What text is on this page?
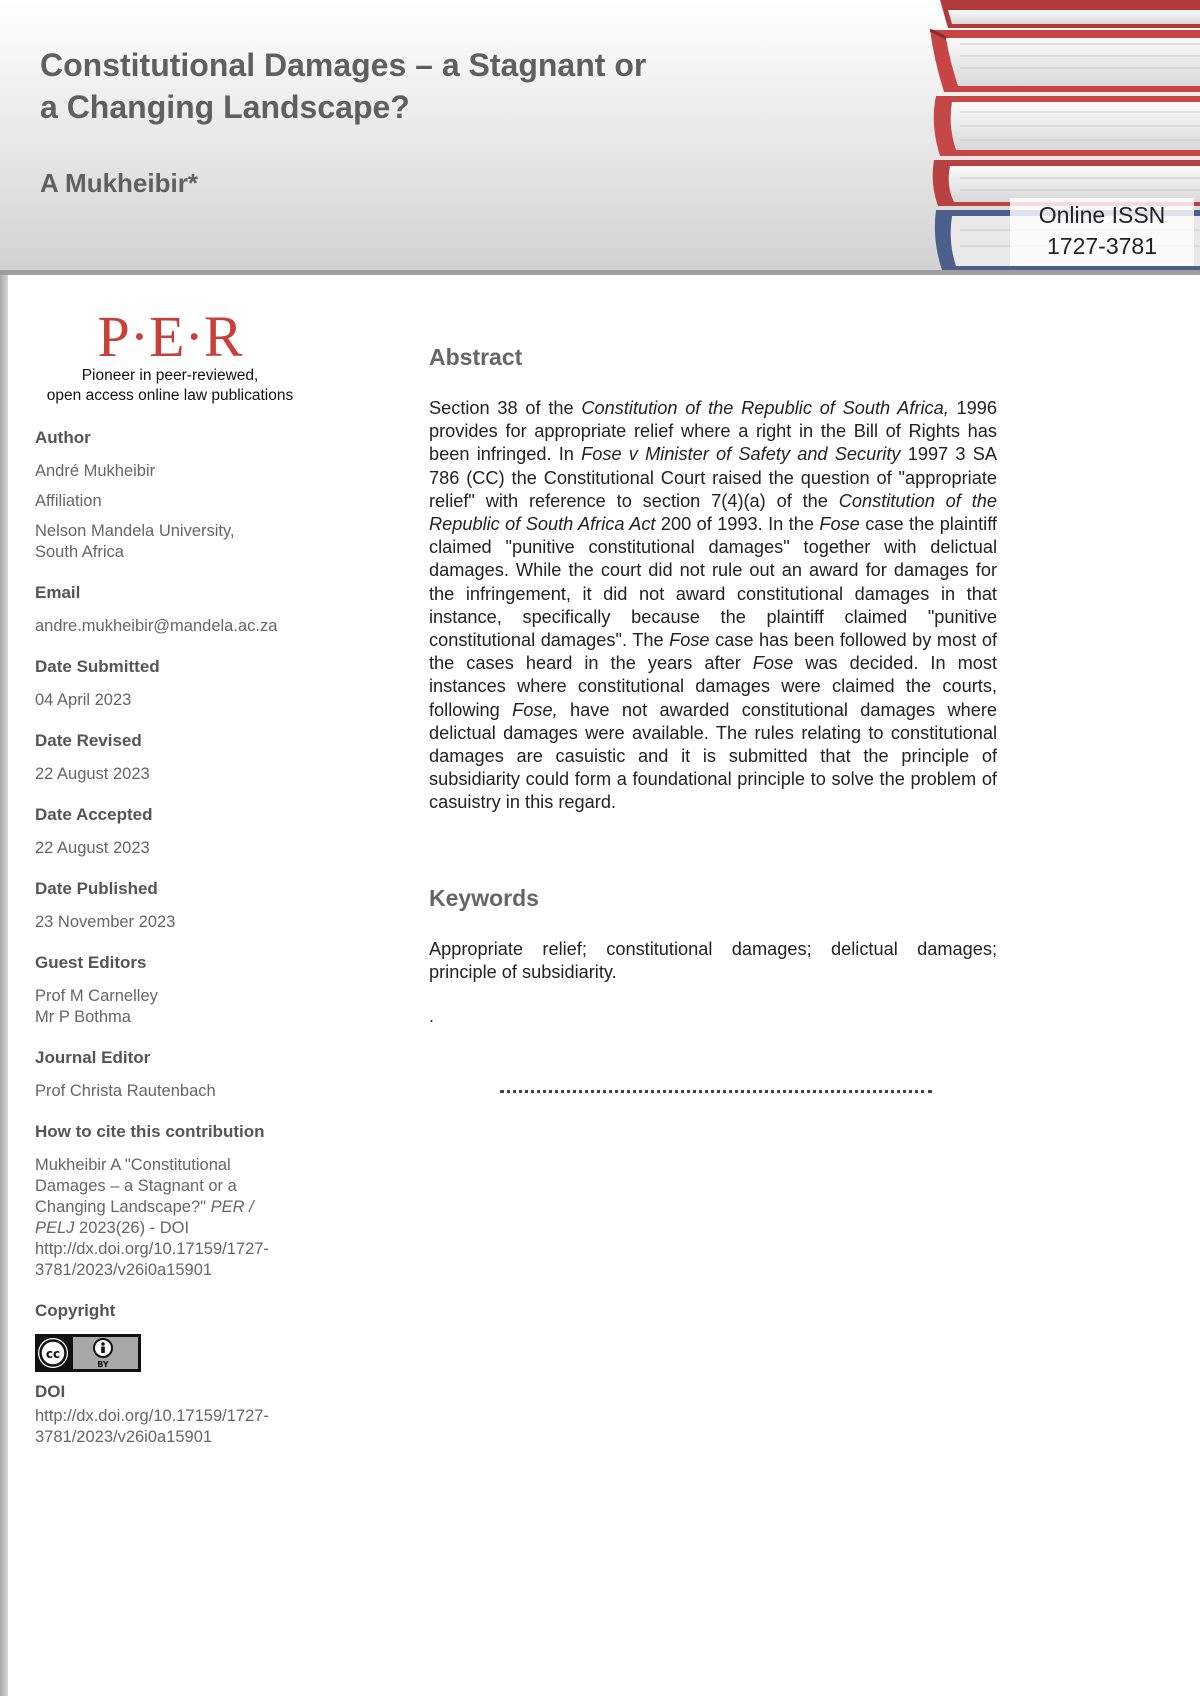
Constitutional Damages – a Stagnant or
a Changing Landscape?
A Mukheibir*
Online ISSN
1727-3781
P·E·R
Pioneer in peer-reviewed,
open access online law publications
Author
André Mukheibir
Affiliation
Nelson Mandela University,
South Africa
Email
andre.mukheibir@mandela.ac.za
Date Submitted
04 April 2023
Date Revised
22 August 2023
Date Accepted
22 August 2023
Date Published
23 November 2023
Guest Editors
Prof M Carnelley
Mr P Bothma
Journal Editor
Prof Christa Rautenbach
How to cite this contribution
Mukheibir A "Constitutional
Damages – a Stagnant or a
Changing Landscape?" PER /
PELJ 2023(26) - DOI
http://dx.doi.org/10.17159/1727-
3781/2023/v26i0a15901
Copyright
cc
BY
DOI
http://dx.doi.org/10.17159/1727-
3781/2023/v26i0a15901
Abstract

Section 38 of the Constitution of the Republic of South Africa, 1996 provides for appropriate relief where a right in the Bill of Rights has been infringed. In Fose v Minister of Safety and Security 1997 3 SA 786 (CC) the Constitutional Court raised the question of "appropriate relief" with reference to section 7(4)(a) of the Constitution of the Republic of South Africa Act 200 of 1993. In the Fose case the plaintiff claimed "punitive constitutional damages" together with delictual damages. While the court did not rule out an award for damages for the infringement, it did not award constitutional damages in that instance, specifically because the plaintiff claimed "punitive constitutional damages". The Fose case has been followed by most of the cases heard in the years after Fose was decided. In most instances where constitutional damages were claimed the courts, following Fose, have not awarded constitutional damages where delictual damages were available. The rules relating to constitutional damages are casuistic and it is submitted that the principle of subsidiarity could form a foundational principle to solve the problem of casuistry in this regard.

Keywords

Appropriate relief; constitutional damages; delictual damages; principle of subsidiarity.

.
